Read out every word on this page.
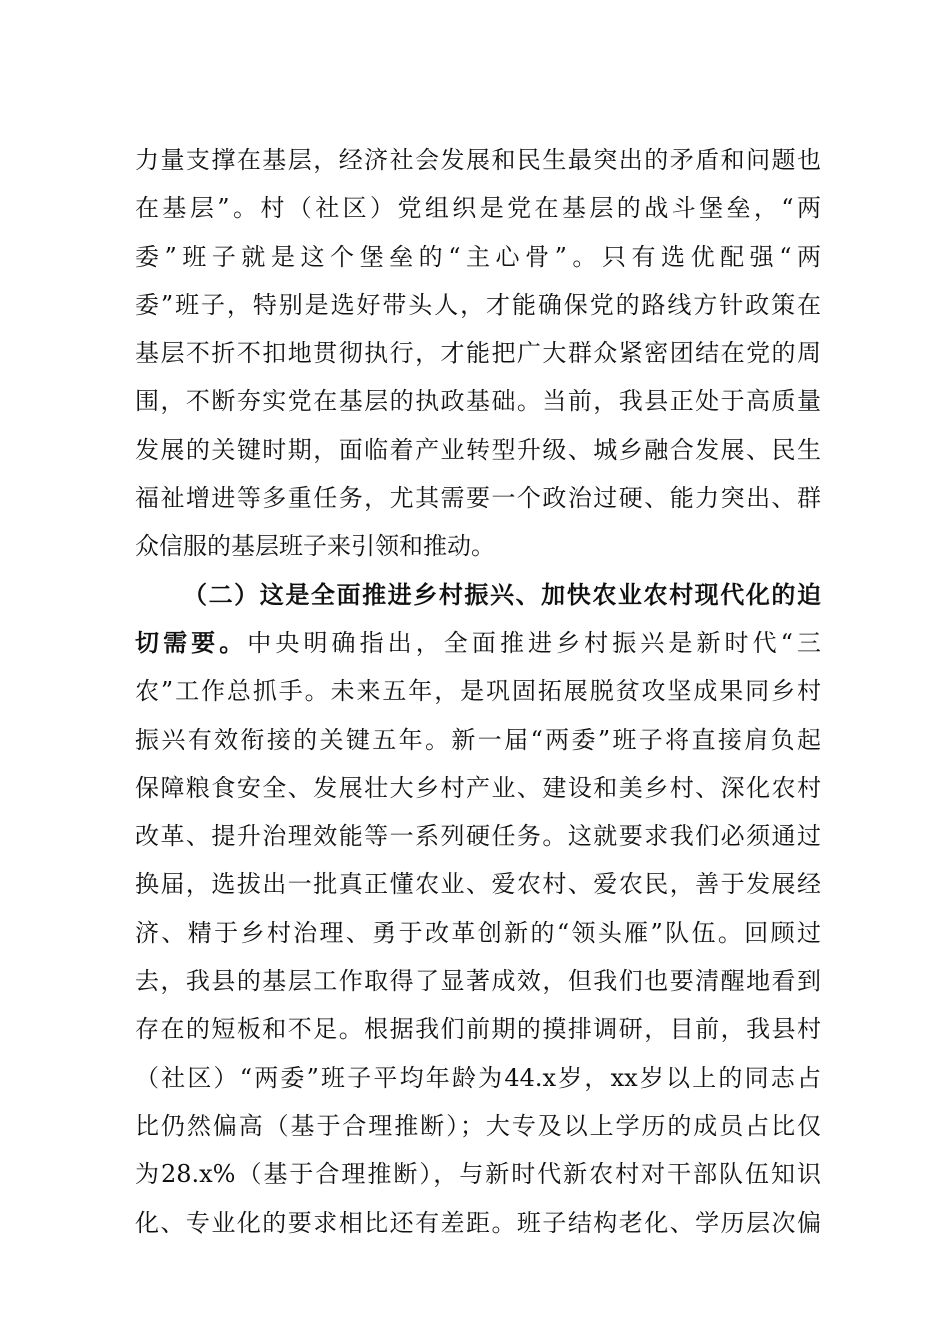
力量支撑在基层，经济社会发展和民生最突出的矛盾和问题也
在基层”。村（社区）党组织是党在基层的战斗堡垒，“两
委”班子就是这个堡垒的“主心骨”。只有选优配强“两
委”班子，特别是选好带头人，才能确保党的路线方针政策在
基层不折不扣地贯彻执行，才能把广大群众紧密团结在党的周
围，不断夯实党在基层的执政基础。当前，我县正处于高质量
发展的关键时期，面临着产业转型升级、城乡融合发展、民生
福祉增进等多重任务，尤其需要一个政治过硬、能力突出、群
众信服的基层班子来引领和推动。
（二）这是全面推进乡村振兴、加快农业农村现代化的迫
切需要。中央明确指出，全面推进乡村振兴是新时代“三
农”工作总抓手。未来五年，是巩固拓展脱贫攻坚成果同乡村
振兴有效衔接的关键五年。新一届“两委”班子将直接肩负起
保障粮食安全、发展壮大乡村产业、建设和美乡村、深化农村
改革、提升治理效能等一系列硬任务。这就要求我们必须通过
换届，选拔出一批真正懂农业、爱农村、爱农民，善于发展经
济、精于乡村治理、勇于改革创新的“领头雁”队伍。回顾过
去，我县的基层工作取得了显著成效，但我们也要清醒地看到
存在的短板和不足。根据我们前期的摸排调研，目前，我县村
（社区）“两委”班子平均年龄为44.x岁，xx岁以上的同志占
比仍然偏高（基于合理推断）；大专及以上学历的成员占比仅
为28.x%（基于合理推断），与新时代新农村对干部队伍知识
化、专业化的要求相比还有差距。班子结构老化、学历层次偏
